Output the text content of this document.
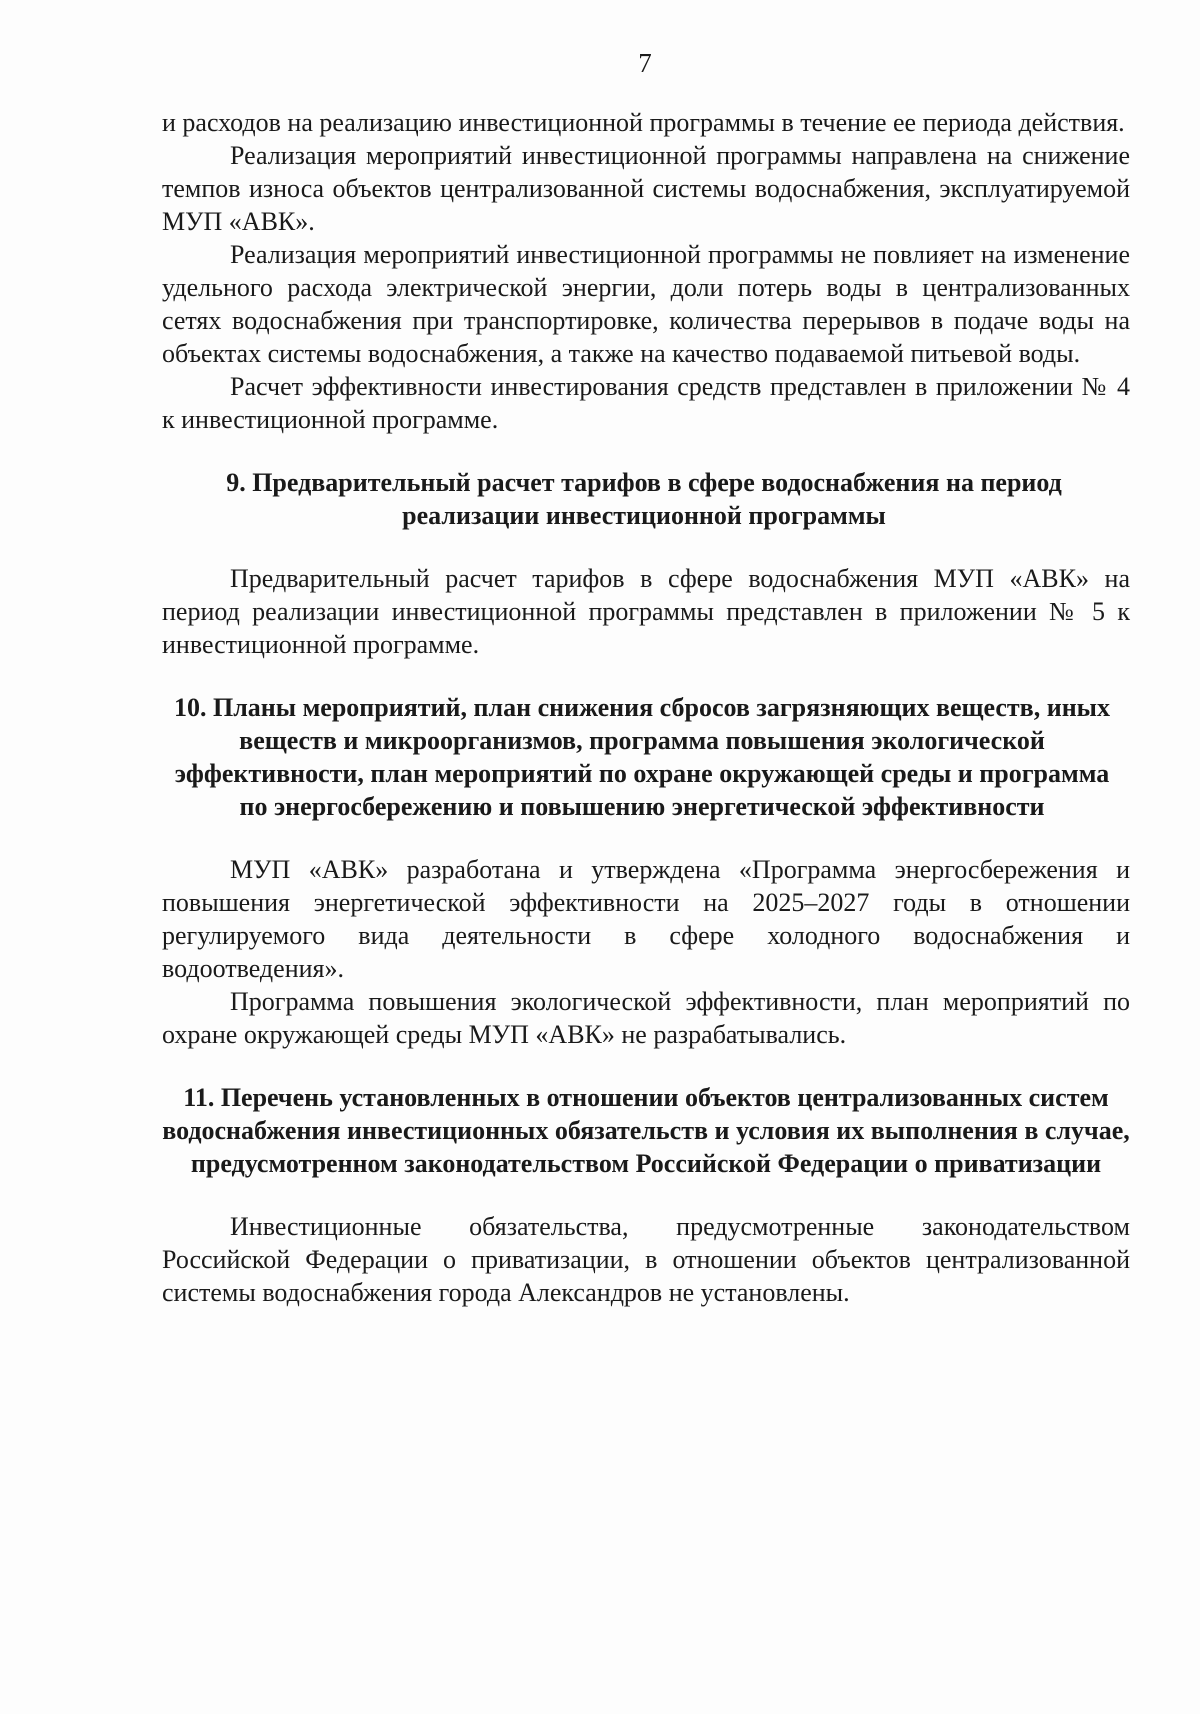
7

и расходов на реализацию инвестиционной программы в течение ее периода действия.

Реализация мероприятий инвестиционной программы направлена на снижение темпов износа объектов централизованной системы водоснабжения, эксплуатируемой МУП «АВК».

Реализация мероприятий инвестиционной программы не повлияет на изменение удельного расхода электрической энергии, доли потерь воды в централизованных сетях водоснабжения при транспортировке, количества перерывов в подаче воды на объектах системы водоснабжения, а также на качество подаваемой питьевой воды.

Расчет эффективности инвестирования средств представлен в приложении № 4 к инвестиционной программе.

9. Предварительный расчет тарифов в сфере водоснабжения на период реализации инвестиционной программы

Предварительный расчет тарифов в сфере водоснабжения МУП «АВК» на период реализации инвестиционной программы представлен в приложении № 5 к инвестиционной программе.

10. Планы мероприятий, план снижения сбросов загрязняющих веществ, иных веществ и микроорганизмов, программа повышения экологической эффективности, план мероприятий по охране окружающей среды и программа по энергосбережению и повышению энергетической эффективности

МУП «АВК» разработана и утверждена «Программа энергосбережения и повышения энергетической эффективности на 2025–2027 годы в отношении регулируемого вида деятельности в сфере холодного водоснабжения и водоотведения».

Программа повышения экологической эффективности, план мероприятий по охране окружающей среды МУП «АВК» не разрабатывались.

11. Перечень установленных в отношении объектов централизованных систем водоснабжения инвестиционных обязательств и условия их выполнения в случае, предусмотренном законодательством Российской Федерации о приватизации

Инвестиционные обязательства, предусмотренные законодательством Российской Федерации о приватизации, в отношении объектов централизованной системы водоснабжения города Александров не установлены.
